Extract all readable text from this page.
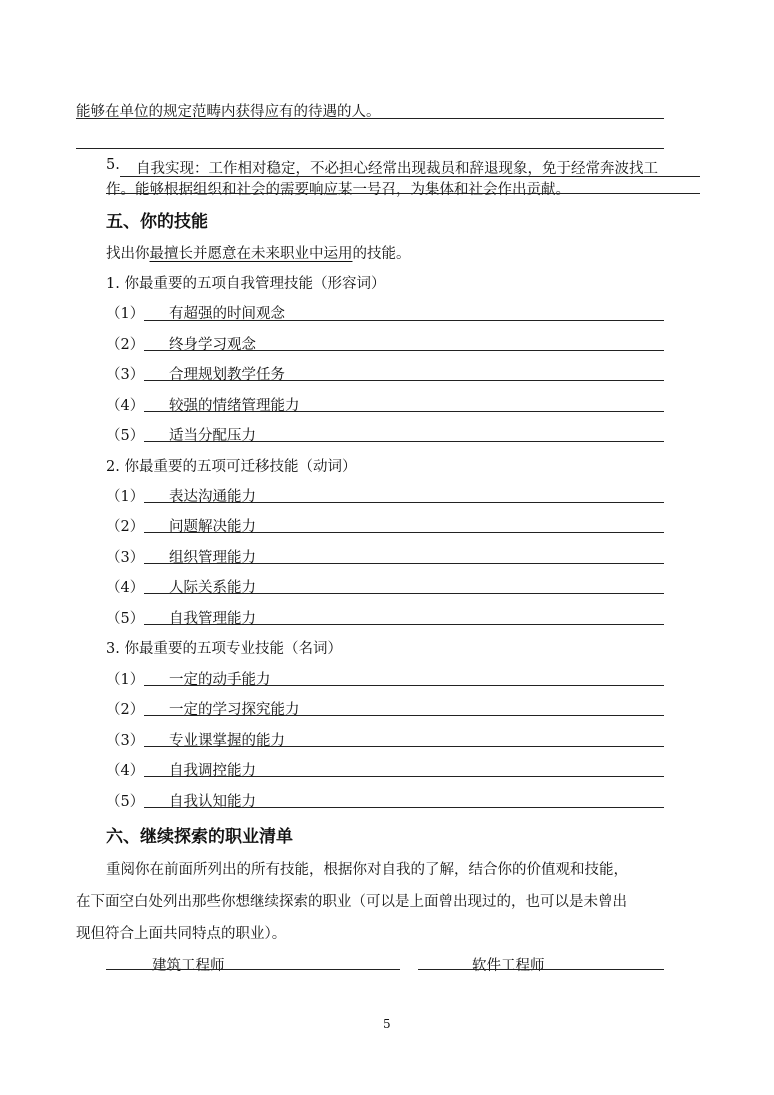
能够在单位的规定范畴内获得应有的待遇的人。
5. 自我实现：工作相对稳定，不必担心经常出现裁员和辞退现象，免于经常奔波找工
作。能够根据组织和社会的需要响应某一号召，为集体和社会作出贡献。
五、你的技能
找出你最擅长并愿意在未来职业中运用的技能。
1. 你最重要的五项自我管理技能（形容词）
（1） 有超强的时间观念
（2） 终身学习观念
（3） 合理规划教学任务
（4） 较强的情绪管理能力
（5） 适当分配压力
2. 你最重要的五项可迁移技能（动词）
（1） 表达沟通能力
（2） 问题解决能力
（3） 组织管理能力
（4） 人际关系能力
（5） 自我管理能力
3. 你最重要的五项专业技能（名词）
（1） 一定的动手能力
（2） 一定的学习探究能力
（3） 专业课掌握的能力
（4） 自我调控能力
（5） 自我认知能力
六、继续探索的职业清单
重阅你在前面所列出的所有技能，根据你对自我的了解，结合你的价值观和技能，
在下面空白处列出那些你想继续探索的职业（可以是上面曾出现过的，也可以是未曾出
现但符合上面共同特点的职业）。
建筑工程师	软件工程师
5
